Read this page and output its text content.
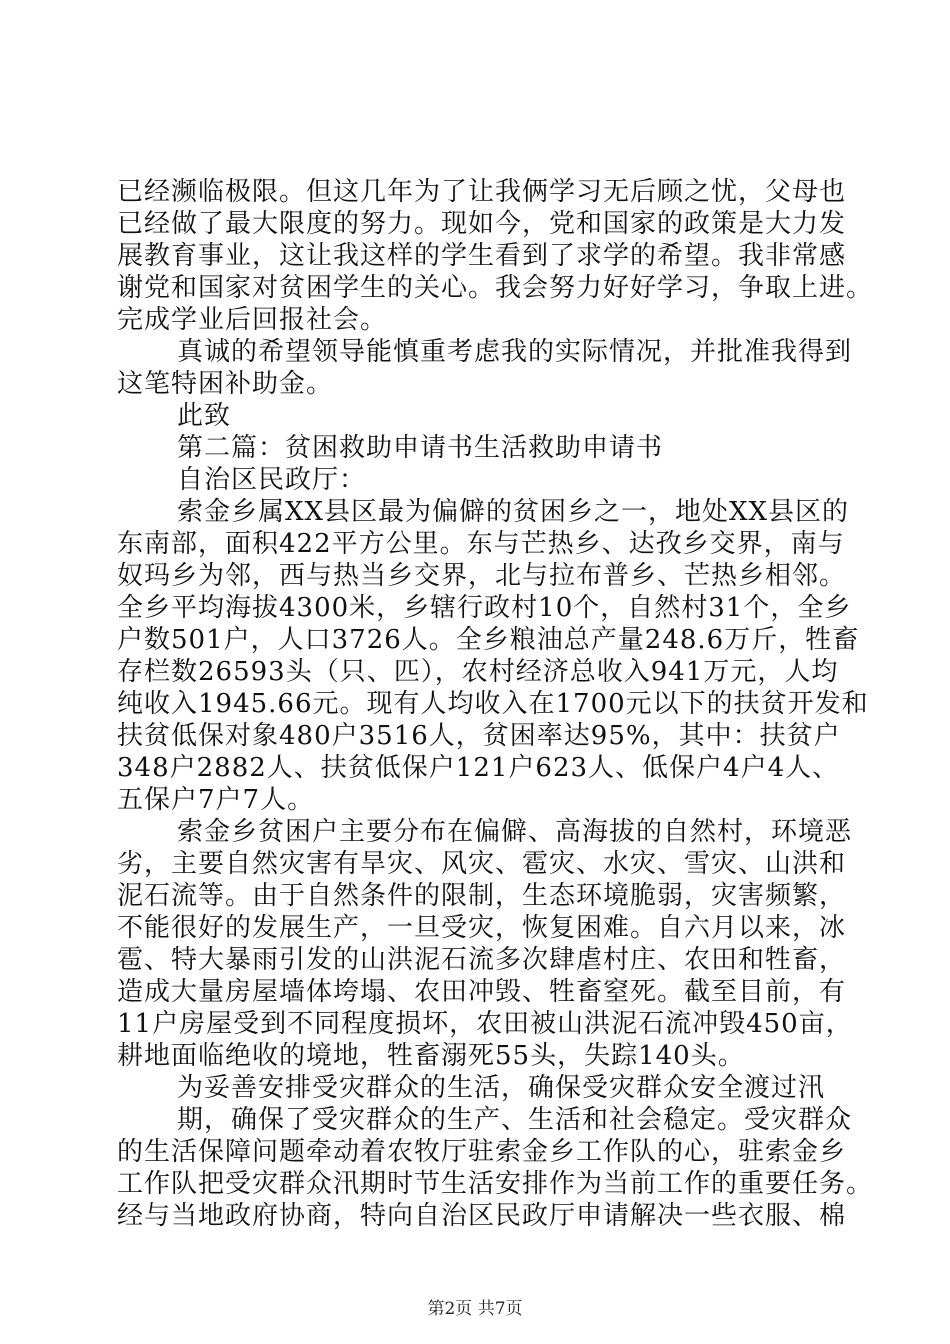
已经濒临极限。但这几年为了让我俩学习无后顾之忧，父母也
已经做了最大限度的努力。现如今，党和国家的政策是大力发
展教育事业，这让我这样的学生看到了求学的希望。我非常感
谢党和国家对贫困学生的关心。我会努力好好学习，争取上进。
完成学业后回报社会。
真诚的希望领导能慎重考虑我的实际情况，并批准我得到
这笔特困补助金。
此致
第二篇：贫困救助申请书生活救助申请书
自治区民政厅：
索金乡属XX县区最为偏僻的贫困乡之一，地处XX县区的
东南部，面积422平方公里。东与芒热乡、达孜乡交界，南与
奴玛乡为邻，西与热当乡交界，北与拉布普乡、芒热乡相邻。
全乡平均海拔4300米，乡辖行政村10个，自然村31个，全乡
户数501户，人口3726人。全乡粮油总产量248.6万斤，牲畜
存栏数26593头（只、匹），农村经济总收入941万元，人均
纯收入1945.66元。现有人均收入在1700元以下的扶贫开发和
扶贫低保对象480户3516人，贫困率达95%，其中：扶贫户
348户2882人、扶贫低保户121户623人、低保户4户4人、
五保户7户7人。
索金乡贫困户主要分布在偏僻、高海拔的自然村，环境恶
劣，主要自然灾害有旱灾、风灾、雹灾、水灾、雪灾、山洪和
泥石流等。由于自然条件的限制，生态环境脆弱，灾害频繁，
不能很好的发展生产，一旦受灾，恢复困难。自六月以来，冰
雹、特大暴雨引发的山洪泥石流多次肆虐村庄、农田和牲畜，
造成大量房屋墙体垮塌、农田冲毁、牲畜窒死。截至目前，有
11户房屋受到不同程度损坏，农田被山洪泥石流冲毁450亩，
耕地面临绝收的境地，牲畜溺死55头，失踪140头。
为妥善安排受灾群众的生活，确保受灾群众安全渡过汛
期，确保了受灾群众的生产、生活和社会稳定。受灾群众
的生活保障问题牵动着农牧厅驻索金乡工作队的心，驻索金乡
工作队把受灾群众汛期时节生活安排作为当前工作的重要任务。
经与当地政府协商，特向自治区民政厅申请解决一些衣服、棉
第2页 共7页
